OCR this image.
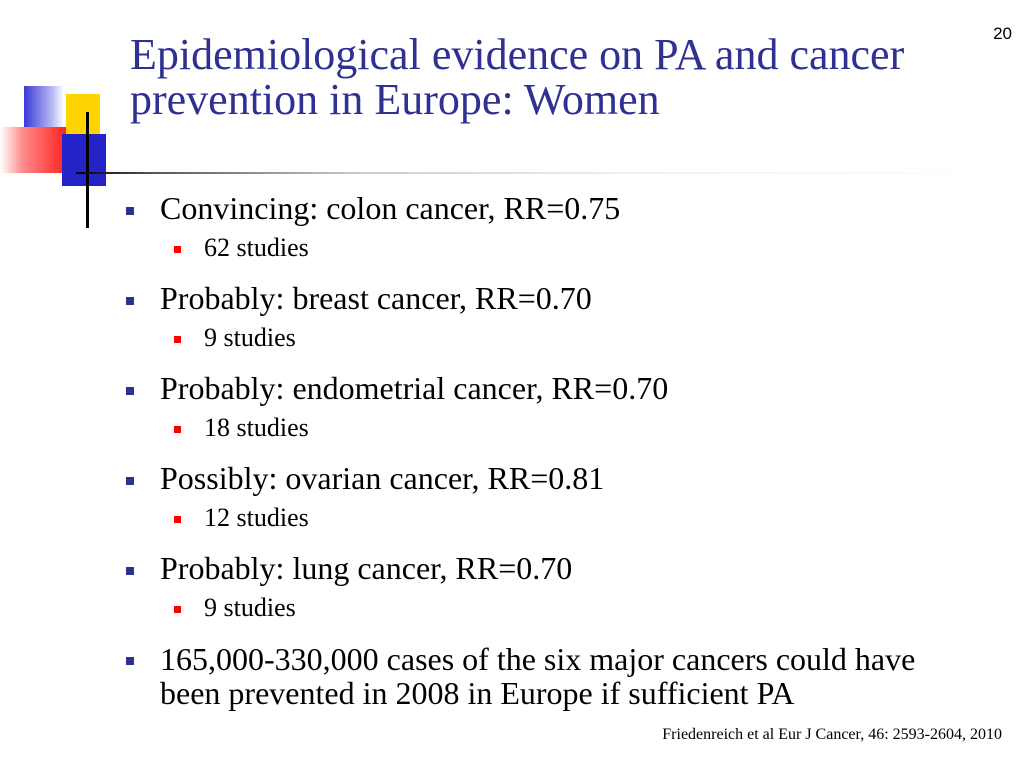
20
Epidemiological evidence on PA and cancer prevention in Europe: Women
Convincing: colon cancer, RR=0.75
62 studies
Probably: breast cancer, RR=0.70
9 studies
Probably: endometrial cancer, RR=0.70
18 studies
Possibly: ovarian cancer, RR=0.81
12 studies
Probably: lung cancer, RR=0.70
9 studies
165,000-330,000 cases of the six major cancers could have been prevented in 2008 in Europe if sufficient PA
Friedenreich et al Eur J Cancer, 46: 2593-2604, 2010
